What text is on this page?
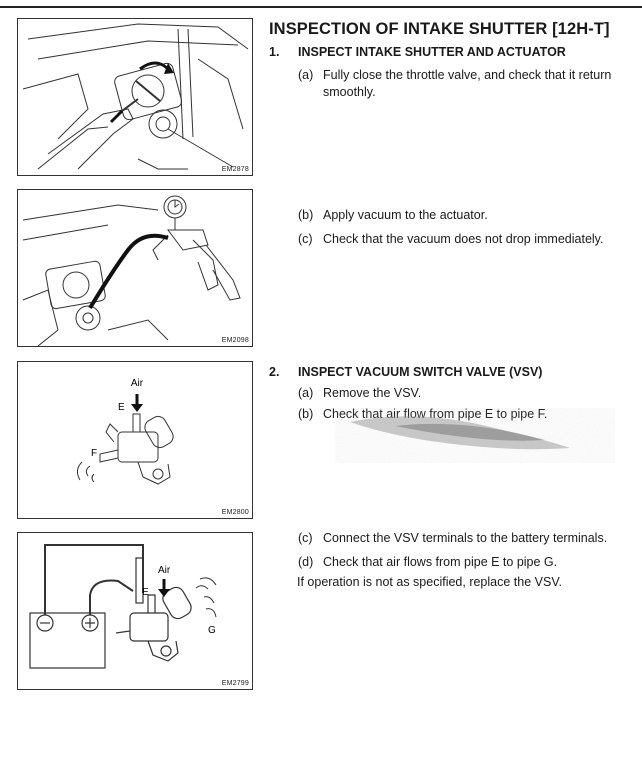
EM2878
EM2098
Air
E
F
EM2800
Air
E
G
EM2799
INSPECTION OF INTAKE SHUTTER [12H-T]
1. INSPECT INTAKE SHUTTER AND ACTUATOR
(a) Fully close the throttle valve, and check that it return smoothly.
(b) Apply vacuum to the actuator.
(c) Check that the vacuum does not drop immediately.
2. INSPECT VACUUM SWITCH VALVE (VSV)
(a) Remove the VSV.
(b) Check that air flow from pipe E to pipe F.
(c) Connect the VSV terminals to the battery terminals.
(d) Check that air flows from pipe E to pipe G.
If operation is not as specified, replace the VSV.
